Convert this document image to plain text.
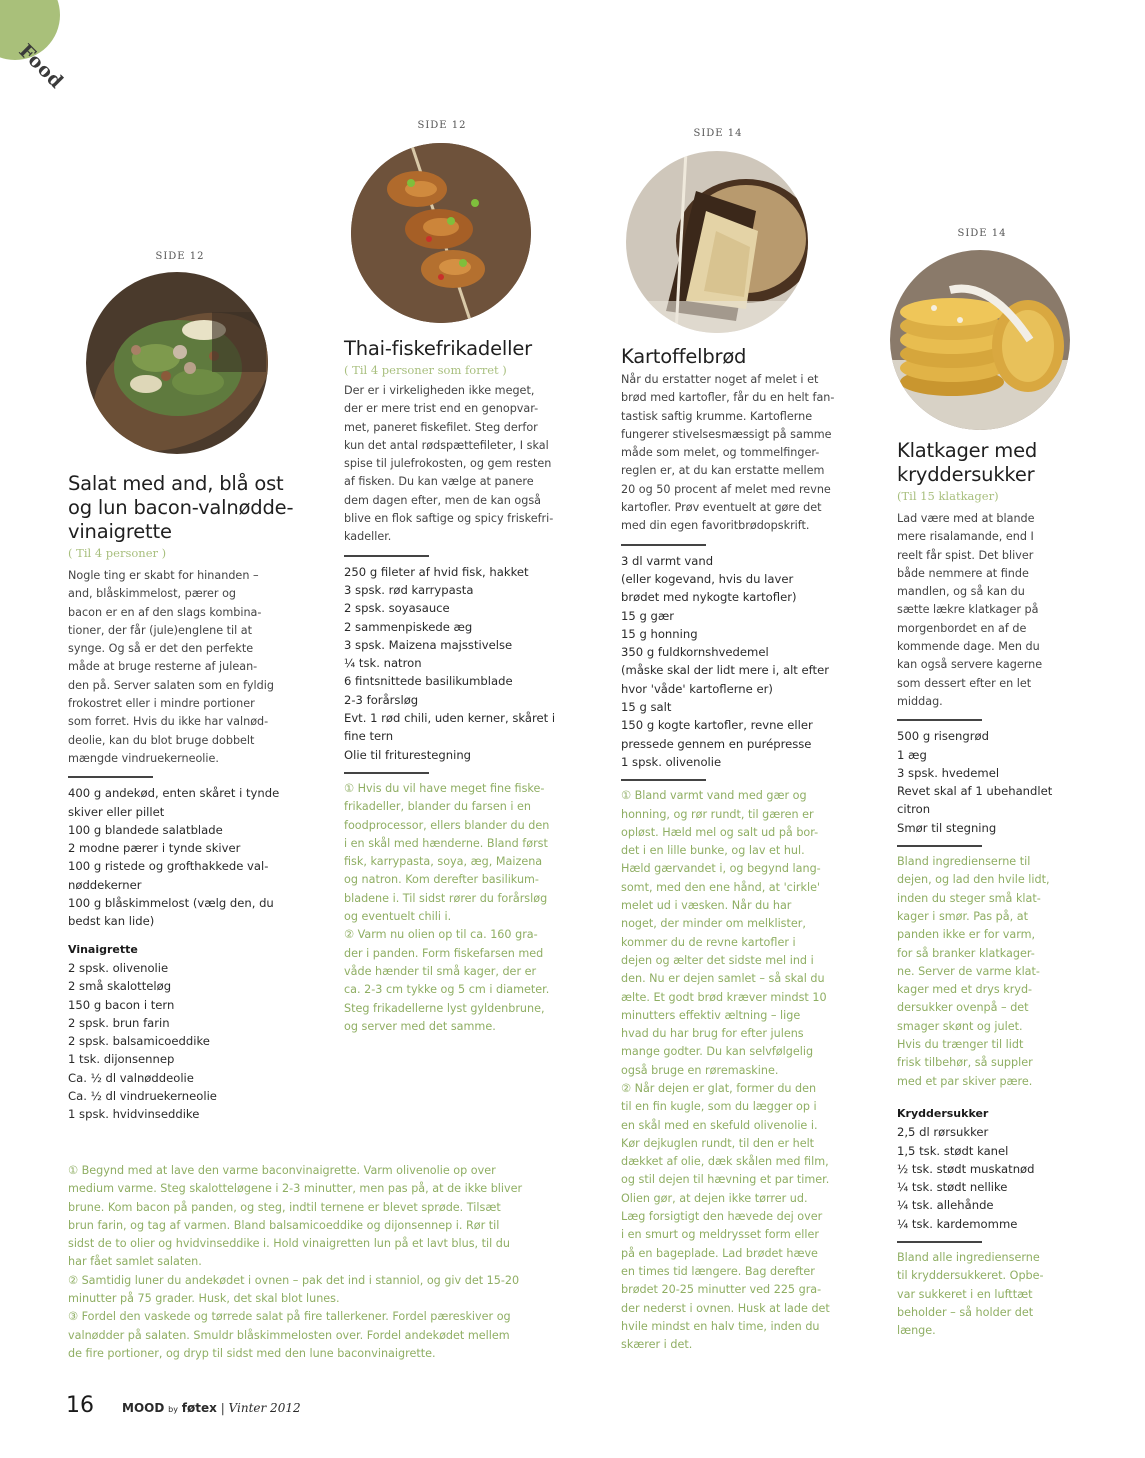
Food
SIDE 12
Salat med and, blå ost
og lun bacon-valnødde-
vinaigrette
( Til 4 personer )
Nogle ting er skabt for hinanden –
and, blåskimmelost, pærer og
bacon er en af den slags kombina-
tioner, der får (jule)englene til at
synge. Og så er det den perfekte
måde at bruge resterne af julean-
den på. Server salaten som en fyldig
frokostret eller i mindre portioner
som forret. Hvis du ikke har valnød-
deolie, kan du blot bruge dobbelt
mængde vindruekerneolie.
400 g andekød, enten skåret i tynde
skiver eller pillet
100 g blandede salatblade
2 modne pærer i tynde skiver
100 g ristede og grofthakkede val-
nøddekerner
100 g blåskimmelost (vælg den, du
bedst kan lide)
Vinaigrette
2 spsk. olivenolie
2 små skalotteløg
150 g bacon i tern
2 spsk. brun farin
2 spsk. balsamicoeddike
1 tsk. dijonsennep
Ca. ½ dl valnøddeolie
Ca. ½ dl vindruekerneolie
1 spsk. hvidvinseddike
① Begynd med at lave den varme baconvinaigrette. Varm olivenolie op over
medium varme. Steg skalotteløgene i 2-3 minutter, men pas på, at de ikke bliver
brune. Kom bacon på panden, og steg, indtil ternene er blevet sprøde. Tilsæt
brun farin, og tag af varmen. Bland balsamicoeddike og dijonsennep i. Rør til
sidst de to olier og hvidvinseddike i. Hold vinaigretten lun på et lavt blus, til du
har fået samlet salaten.
② Samtidig luner du andekødet i ovnen – pak det ind i stanniol, og giv det 15-20
minutter på 75 grader. Husk, det skal blot lunes.
③ Fordel den vaskede og tørrede salat på fire tallerkener. Fordel pæreskiver og
valnødder på salaten. Smuldr blåskimmelosten over. Fordel andekødet mellem
de fire portioner, og dryp til sidst med den lune baconvinaigrette.
SIDE 12
Thai-fiskefrikadeller
( Til 4 personer som forret )
Der er i virkeligheden ikke meget,
der er mere trist end en genopvar-
met, paneret fiskefilet. Steg derfor
kun det antal rødspættefileter, I skal
spise til julefrokosten, og gem resten
af fisken. Du kan vælge at panere
dem dagen efter, men de kan også
blive en flok saftige og spicy friskefri-
kadeller.
250 g fileter af hvid fisk, hakket
3 spsk. rød karrypasta
2 spsk. soyasauce
2 sammenpiskede æg
3 spsk. Maizena majsstivelse
¼ tsk. natron
6 fintsnittede basilikumblade
2-3 forårsløg
Evt. 1 rød chili, uden kerner, skåret i
fine tern
Olie til friturestegning
① Hvis du vil have meget fine fiske-
frikadeller, blander du farsen i en
foodprocessor, ellers blander du den
i en skål med hænderne. Bland først
fisk, karrypasta, soya, æg, Maizena
og natron. Kom derefter basilikum-
bladene i. Til sidst rører du forårsløg
og eventuelt chili i.
② Varm nu olien op til ca. 160 gra-
der i panden. Form fiskefarsen med
våde hænder til små kager, der er
ca. 2-3 cm tykke og 5 cm i diameter.
Steg frikadellerne lyst gyldenbrune,
og server med det samme.
SIDE 14
Kartoffelbrød
Når du erstatter noget af melet i et
brød med kartofler, får du en helt fan-
tastisk saftig krumme. Kartoflerne
fungerer stivelsesmæssigt på samme
måde som melet, og tommelfinger-
reglen er, at du kan erstatte mellem
20 og 50 procent af melet med revne
kartofler. Prøv eventuelt at gøre det
med din egen favoritbrødopskrift.
3 dl varmt vand
(eller kogevand, hvis du laver
brødet med nykogte kartofler)
15 g gær
15 g honning
350 g fuldkornshvedemel
(måske skal der lidt mere i, alt efter
hvor 'våde' kartoflerne er)
15 g salt
150 g kogte kartofler, revne eller
pressede gennem en purépresse
1 spsk. olivenolie
① Bland varmt vand med gær og
honning, og rør rundt, til gæren er
opløst. Hæld mel og salt ud på bor-
det i en lille bunke, og lav et hul.
Hæld gærvandet i, og begynd lang-
somt, med den ene hånd, at 'cirkle'
melet ud i væsken. Når du har
noget, der minder om melklister,
kommer du de revne kartofler i
dejen og ælter det sidste mel ind i
den. Nu er dejen samlet – så skal du
ælte. Et godt brød kræver mindst 10
minutters effektiv æltning – lige
hvad du har brug for efter julens
mange godter. Du kan selvfølgelig
også bruge en røremaskine.
② Når dejen er glat, former du den
til en fin kugle, som du lægger op i
en skål med en skefuld olivenolie i.
Kør dejkuglen rundt, til den er helt
dækket af olie, dæk skålen med film,
og stil dejen til hævning et par timer.
Olien gør, at dejen ikke tørrer ud.
Læg forsigtigt den hævede dej over
i en smurt og meldrysset form eller
på en bageplade. Lad brødet hæve
en times tid længere. Bag derefter
brødet 20-25 minutter ved 225 gra-
der nederst i ovnen. Husk at lade det
hvile mindst en halv time, inden du
skærer i det.
SIDE 14
Klatkager med
kryddersukker
(Til 15 klatkager)
Lad være med at blande
mere risalamande, end I
reelt får spist. Det bliver
både nemmere at finde
mandlen, og så kan du
sætte lækre klatkager på
morgenbordet en af de
kommende dage. Men du
kan også servere kagerne
som dessert efter en let
middag.
500 g risengrød
1 æg
3 spsk. hvedemel
Revet skal af 1 ubehandlet
citron
Smør til stegning
Bland ingredienserne til
dejen, og lad den hvile lidt,
inden du steger små klat-
kager i smør. Pas på, at
panden ikke er for varm,
for så branker klatkager-
ne. Server de varme klat-
kager med et drys kryd-
dersukker ovenpå – det
smager skønt og julet.
Hvis du trænger til lidt
frisk tilbehør, så suppler
med et par skiver pære.
Kryddersukker
2,5 dl rørsukker
1,5 tsk. stødt kanel
½ tsk. stødt muskatnød
¼ tsk. stødt nellike
¼ tsk. allehånde
¼ tsk. kardemomme
Bland alle ingredienserne
til kryddersukkeret. Opbe-
var sukkeret i en lufttæt
beholder – så holder det
længe.
16 MOOD by føtex | Vinter 2012
